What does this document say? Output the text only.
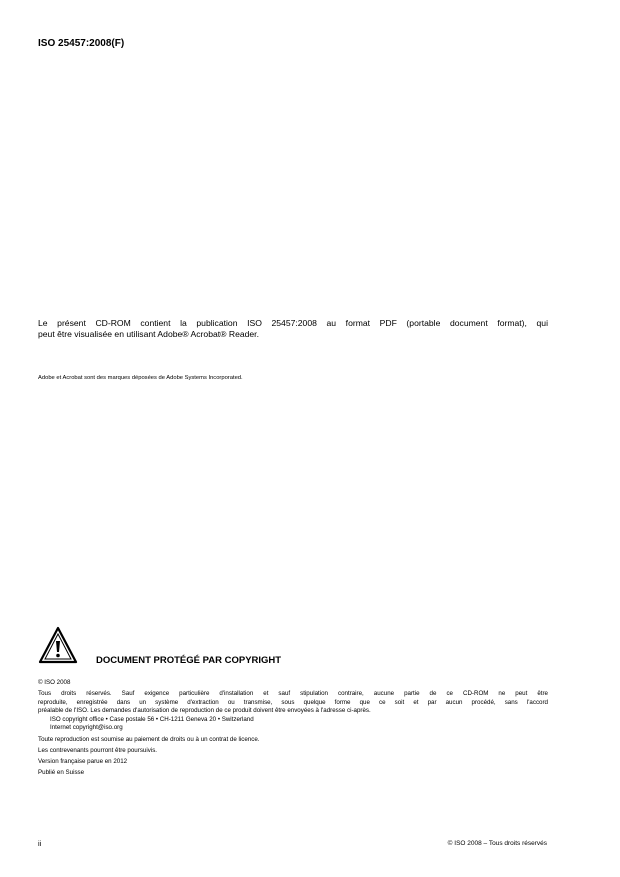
ISO 25457:2008(F)
Le présent CD-ROM contient la publication ISO 25457:2008 au format PDF (portable document format), qui
peut être visualisée en utilisant Adobe® Acrobat® Reader.
Adobe et Acrobat sont des marques déposées de Adobe Systems Incorporated.
DOCUMENT PROTÉGÉ PAR COPYRIGHT

© ISO 2008

Tous droits réservés. Sauf exigence particulière d'installation et sauf stipulation contraire, aucune partie de ce CD-ROM ne peut être

reproduite, enregistrée dans un système d'extraction ou transmise, sous quelque forme que ce soit et par aucun procédé, sans l'accord

préalable de l'ISO. Les demandes d'autorisation de reproduction de ce produit doivent être envoyées à l'adresse ci-après.

ISO copyright office • Case postale 56 • CH-1211 Geneva 20 • Switzerland

Internet copyright@iso.org

Toute reproduction est soumise au paiement de droits ou à un contrat de licence.

Les contrevenants pourront être poursuivis.

Version française parue en 2012

Publié en Suisse

ii	© ISO 2008 – Tous droits réservés
